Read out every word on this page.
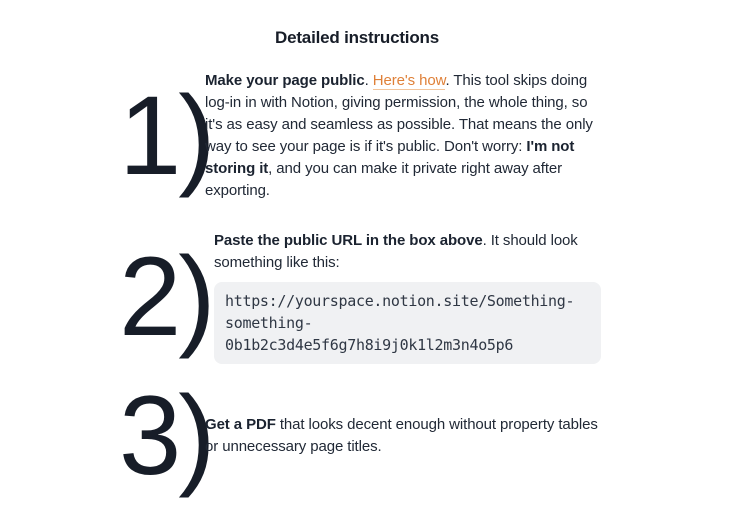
Detailed instructions
1)

Make your page public. Here's how. This tool skips doing log-in in with Notion, giving permission, the whole thing, so it's as easy and seamless as possible. That means the only way to see your page is if it's public. Don't worry: I'm not storing it, and you can make it private right away after exporting.

2) Paste the public URL in the box above. It should look something like this:

https://yourspace.notion.site/Something-
something-
0b1b2c3d4e5f6g7h8i9j0k1l2m3n4o5p6
3)

Get a PDF that looks decent enough without property tables or unnecessary page titles.
